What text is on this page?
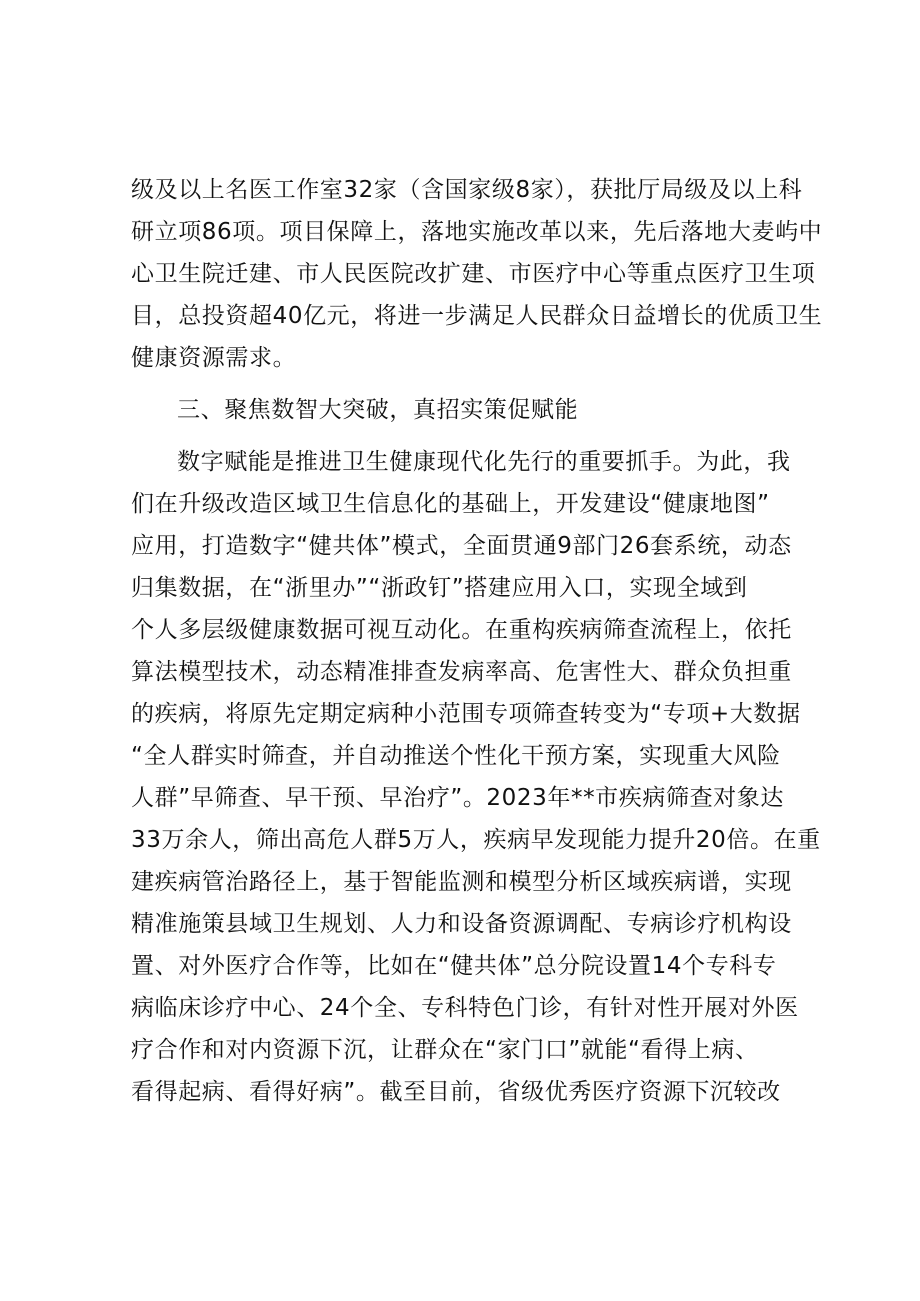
级及以上名医工作室32家（含国家级8家），获批厅局级及以上科
研立项86项。项目保障上，落地实施改革以来，先后落地大麦屿中
心卫生院迁建、市人民医院改扩建、市医疗中心等重点医疗卫生项
目，总投资超40亿元，将进一步满足人民群众日益增长的优质卫生
健康资源需求。
三、聚焦数智大突破，真招实策促赋能
数字赋能是推进卫生健康现代化先行的重要抓手。为此，我
们在升级改造区域卫生信息化的基础上，开发建设“健康地图”
应用，打造数字“健共体”模式，全面贯通9部门26套系统，动态
归集数据，在“浙里办”“浙政钉”搭建应用入口，实现全域到
个人多层级健康数据可视互动化。在重构疾病筛查流程上，依托
算法模型技术，动态精准排查发病率高、危害性大、群众负担重
的疾病，将原先定期定病种小范围专项筛查转变为“专项+大数据
“全人群实时筛查，并自动推送个性化干预方案，实现重大风险
人群”早筛查、早干预、早治疗”。2023年**市疾病筛查对象达
33万余人，筛出高危人群5万人，疾病早发现能力提升20倍。在重
建疾病管治路径上，基于智能监测和模型分析区域疾病谱，实现
精准施策县域卫生规划、人力和设备资源调配、专病诊疗机构设
置、对外医疗合作等，比如在“健共体”总分院设置14个专科专
病临床诊疗中心、24个全、专科特色门诊，有针对性开展对外医
疗合作和对内资源下沉，让群众在“家门口”就能“看得上病、
看得起病、看得好病”。截至目前，省级优秀医疗资源下沉较改
